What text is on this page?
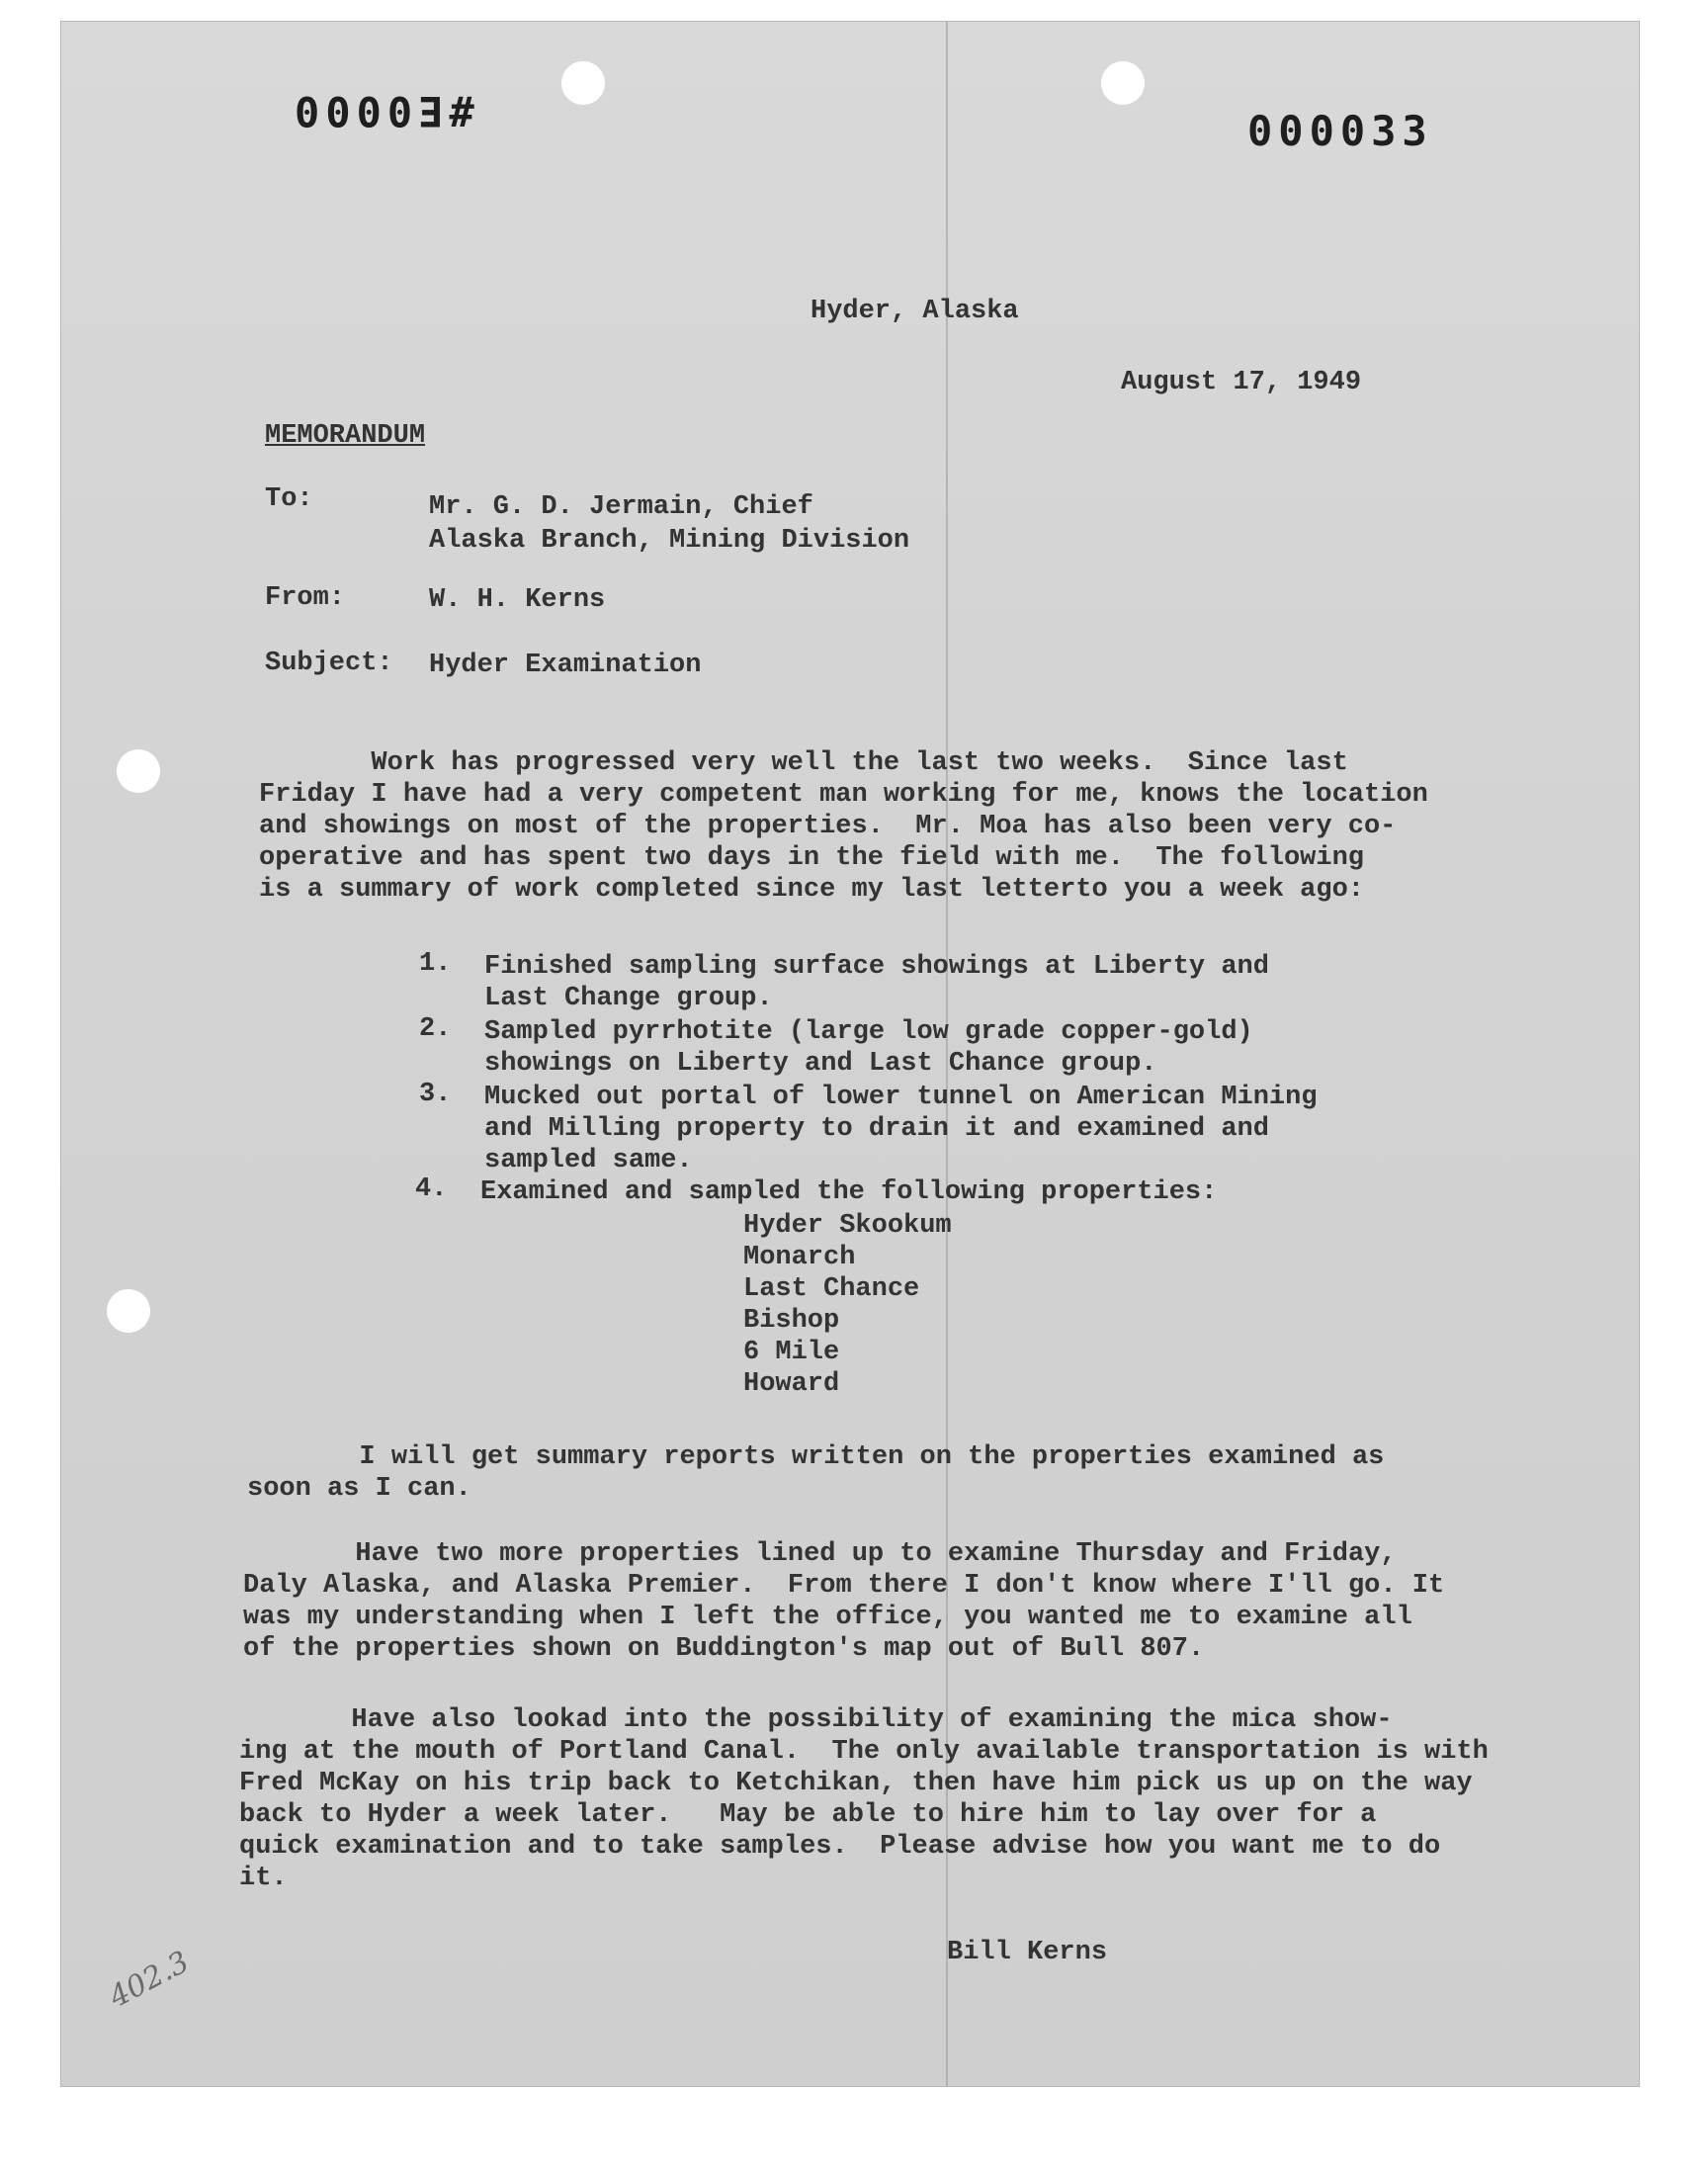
#E0000	000033
Hyder, Alaska
August 17, 1949
MEMORANDUM
To:	Mr. G. D. Jermain, Chief
Alaska Branch, Mining Division
From:	W. H. Kerns
Subject: Hyder Examination
Work has progressed very well the last two weeks.  Since last
Friday I have had a very competent man working for me, knows the location
and showings on most of the properties.  Mr. Moa has also been very co-
operative and has spent two days in the field with me.  The following
is a summary of work completed since my last letterto you a week ago:
1. Finished sampling surface showings at Liberty and
Last Change group.
2. Sampled pyrrhotite (large low grade copper-gold)
showings on Liberty and Last Chance group.
3. Mucked out portal of lower tunnel on American Mining
and Milling property to drain it and examined and
sampled same.
4. Examined and sampled the following properties:
Hyder Skookum
Monarch
Last Chance
Bishop
6 Mile
Howard
I will get summary reports written on the properties examined as
soon as I can.
Have two more properties lined up to examine Thursday and Friday,
Daly Alaska, and Alaska Premier.  From there I don't know where I'll go. It
was my understanding when I left the office, you wanted me to examine all
of the properties shown on Buddington's map out of Bull 807.
Have also lookad into the possibility of examining the mica show-
ing at the mouth of Portland Canal.  The only available transportation is with
Fred McKay on his trip back to Ketchikan, then have him pick us up on the way
back to Hyder a week later.   May be able to hire him to lay over for a
quick examination and to take samples.  Please advise how you want me to do
it.
Bill Kerns
402.3
